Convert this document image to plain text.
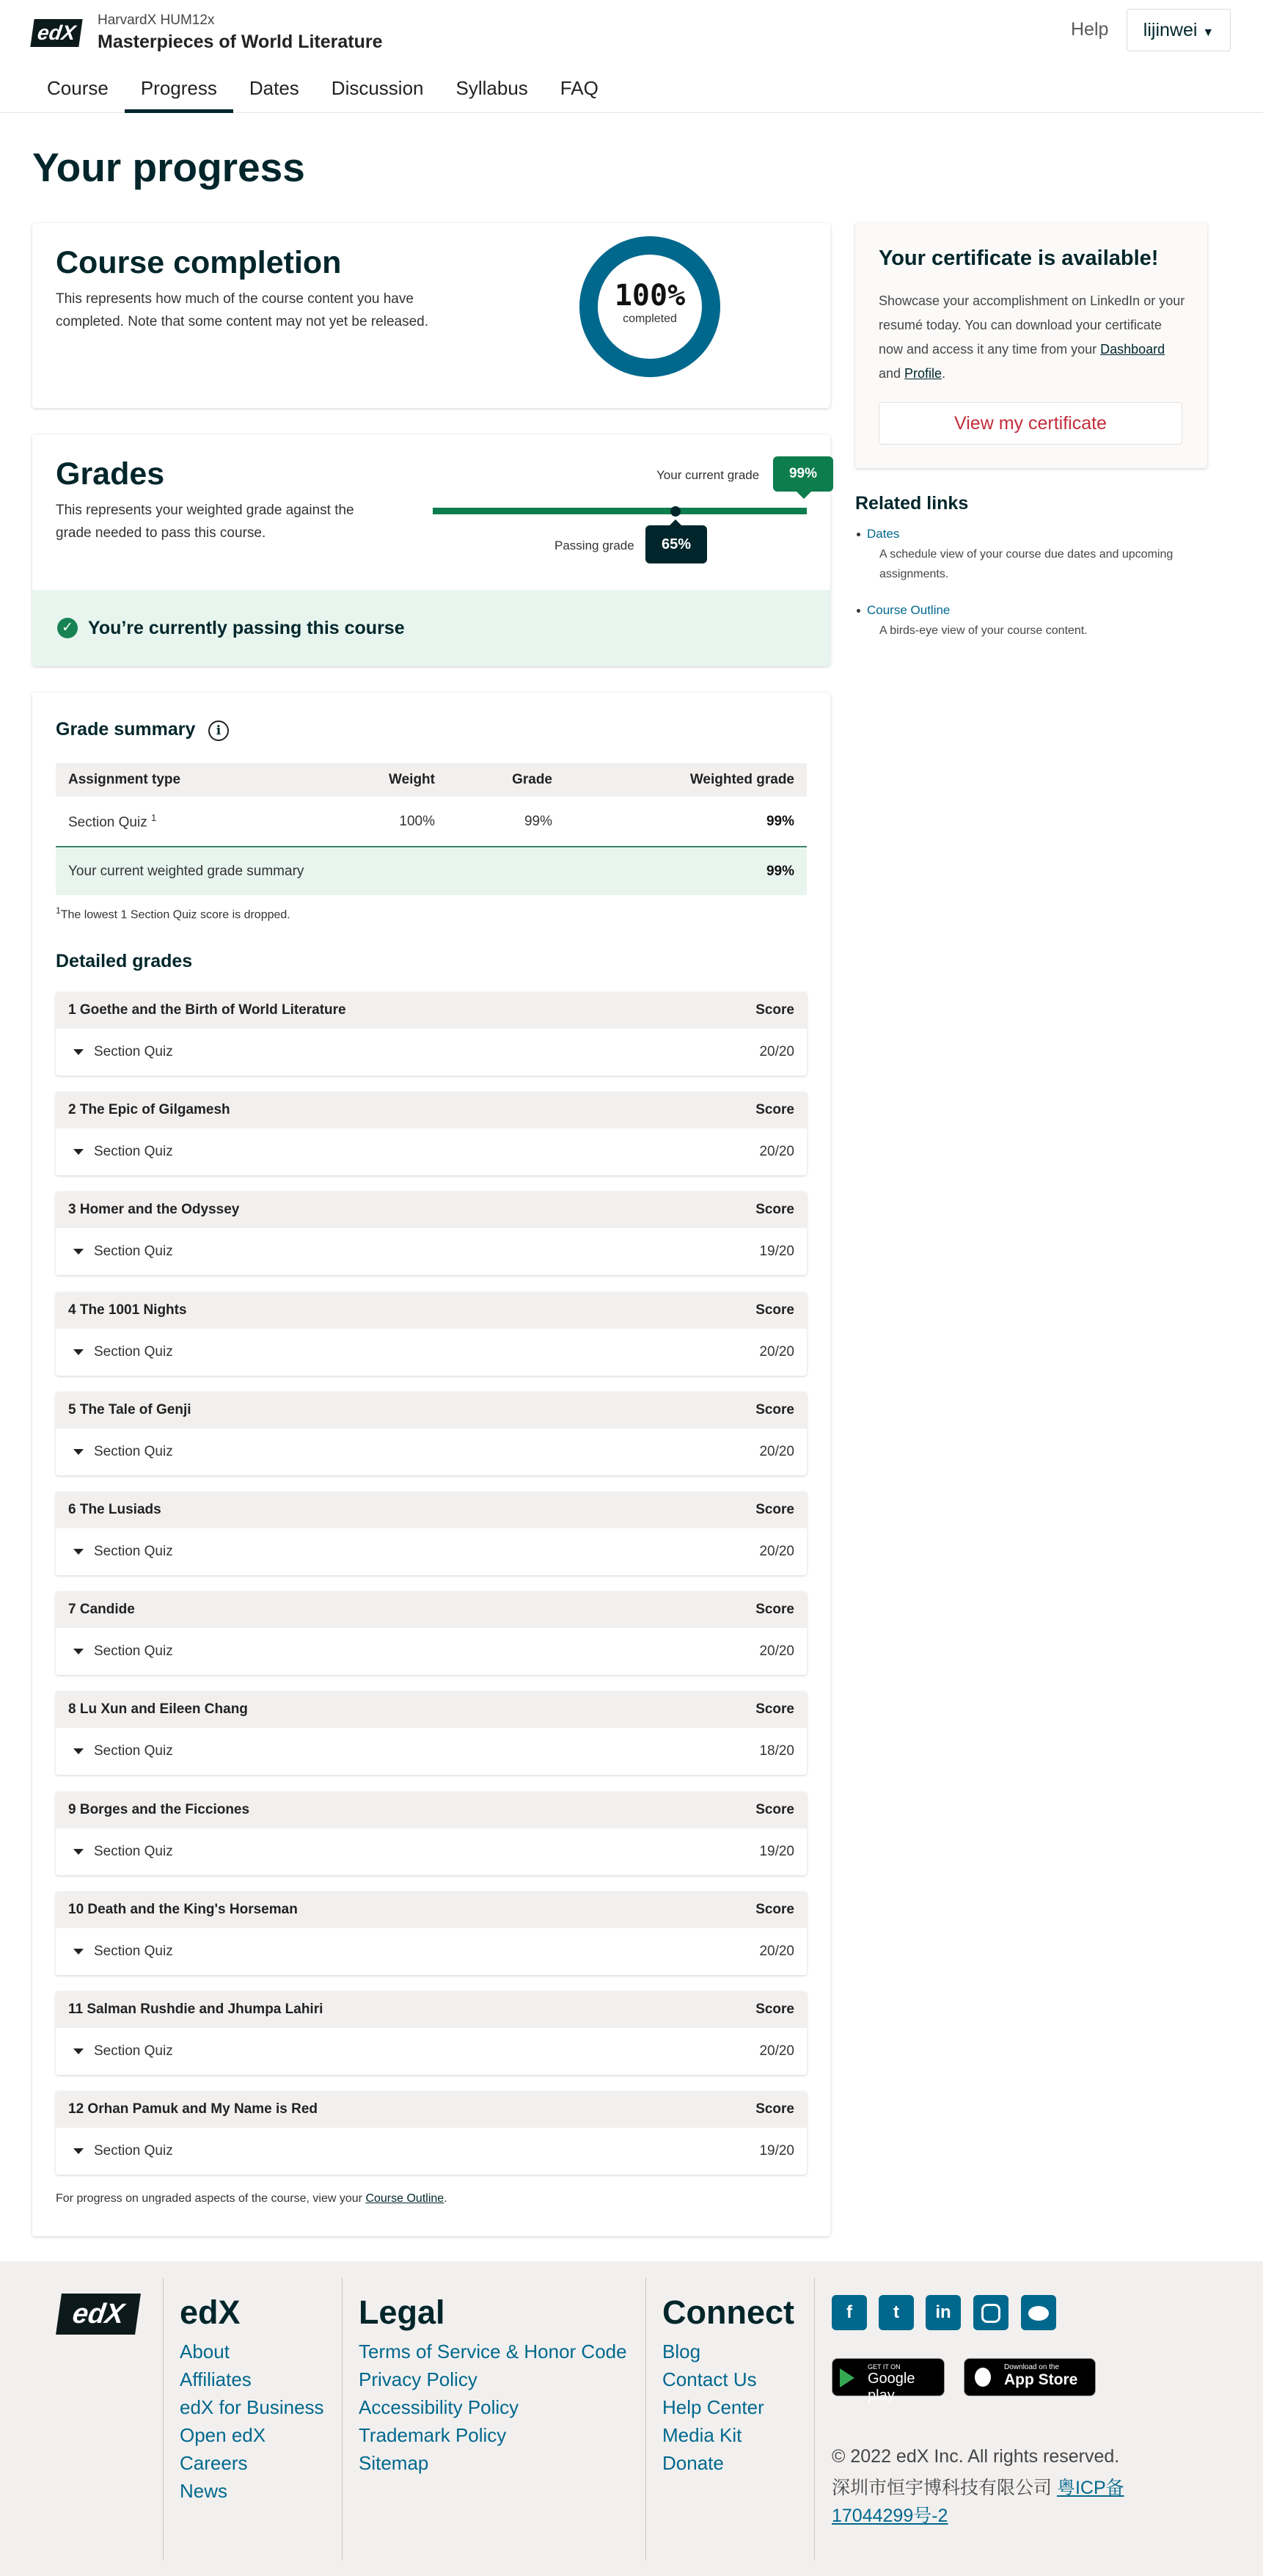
edX
HarvardX HUM12x
Masterpieces of World Literature
Help	lijinwei ▼
Course	Progress	Dates	Discussion	Syllabus	FAQ
Your progress
Course completion
This represents how much of the course content you have completed. Note that some content may not yet be released.
100%
completed
Grades
This represents your weighted grade against the grade needed to pass this course.
Your current grade	99%
Passing grade	65%
✓ You’re currently passing this course
Grade summary	i
Assignment type	Weight	Grade	Weighted grade
Section Quiz $^1$	100%	99%	99%
Your current weighted grade summary			99%
$^1$The lowest 1 Section Quiz score is dropped.
Detailed grades
1 Goethe and the Birth of World Literature	Score
Section Quiz	20/20
2 The Epic of Gilgamesh	Score
Section Quiz	20/20
3 Homer and the Odyssey	Score
Section Quiz	19/20
4 The 1001 Nights	Score
Section Quiz	20/20
5 The Tale of Genji	Score
Section Quiz	20/20
6 The Lusiads	Score
Section Quiz	20/20
7 Candide	Score
Section Quiz	20/20
8 Lu Xun and Eileen Chang	Score
Section Quiz	18/20
9 Borges and the Ficciones	Score
Section Quiz	19/20
10 Death and the King's Horseman	Score
Section Quiz	20/20
11 Salman Rushdie and Jhumpa Lahiri	Score
Section Quiz	20/20
12 Orhan Pamuk and My Name is Red	Score
Section Quiz	19/20
For progress on ungraded aspects of the course, view your Course Outline.
Your certificate is available!
Showcase your accomplishment on LinkedIn or your resumé today. You can download your certificate now and access it any time from your Dashboard and Profile.
View my certificate
Related links
Dates
A schedule view of your course due dates and upcoming assignments.
Course Outline
A birds-eye view of your course content.
edX	edX
About
Affiliates
edX for Business
Open edX
Careers
News
Legal
Terms of Service & Honor Code
Privacy Policy
Accessibility Policy
Trademark Policy
Sitemap
Connect
Blog
Contact Us
Help Center
Media Kit
Donate
f	t	in
GET IT ON
Google play
Download on the
App Store
© 2022 edX Inc. All rights reserved.
深圳市恒宇博科技有限公司 粤ICP备
17044299号-2
